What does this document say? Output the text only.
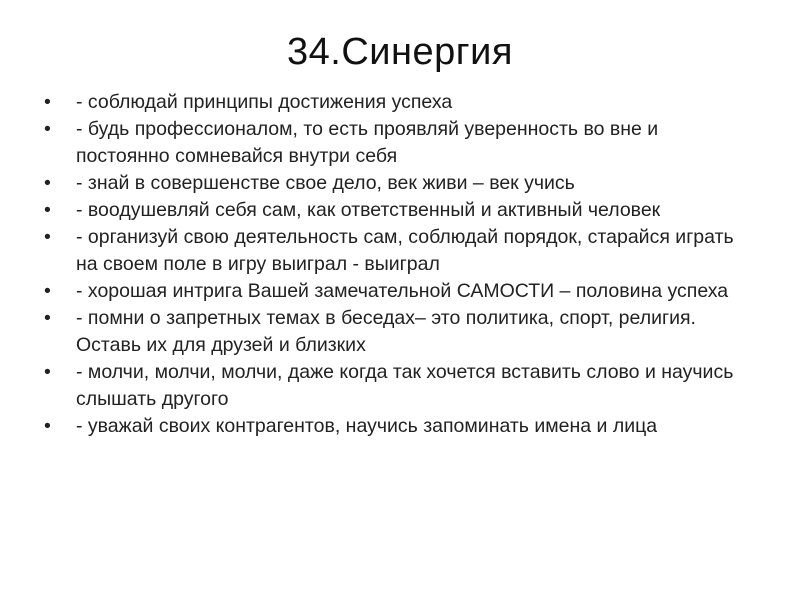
34.Синергия
•	- соблюдай принципы достижения успеха
•	- будь профессионалом, то есть проявляй уверенность во вне и постоянно сомневайся внутри себя
•	- знай в совершенстве свое дело, век живи – век учись
•	- воодушевляй себя сам, как ответственный и активный человек
•	- организуй свою деятельность сам, соблюдай порядок, старайся играть на своем поле в игру выиграл - выиграл
•	- хорошая интрига Вашей замечательной САМОСТИ – половина успеха
•	- помни о запретных темах в беседах– это политика, спорт, религия. Оставь их для друзей и близких
•	- молчи, молчи, молчи, даже когда так хочется вставить слово и научись слышать другого
•	- уважай своих контрагентов, научись запоминать имена и лица
